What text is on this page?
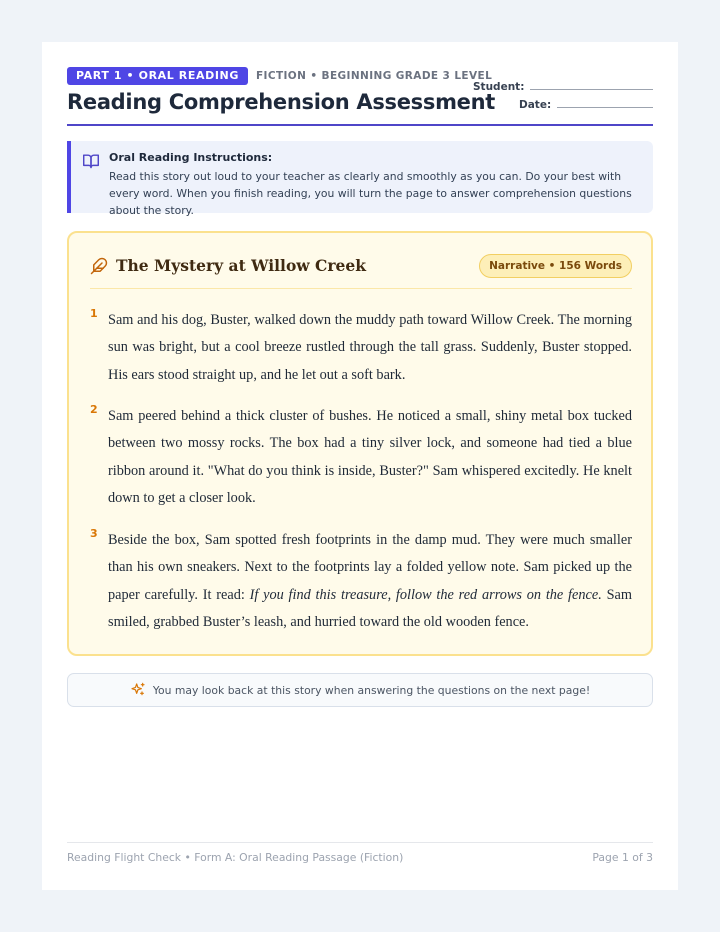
PART 1 • ORAL READING	FICTION • BEGINNING GRADE 3 LEVEL
Reading Comprehension Assessment
Student:
Date:
Oral Reading Instructions:
Read this story out loud to your teacher as clearly and smoothly as you can. Do your best with every word. When you finish reading, you will turn the page to answer comprehension questions about the story.
The Mystery at Willow Creek	Narrative • 156 Words
1 Sam and his dog, Buster, walked down the muddy path toward Willow Creek. The morning sun was bright, but a cool breeze rustled through the tall grass. Suddenly, Buster stopped. His ears stood straight up, and he let out a soft bark.

2 Sam peered behind a thick cluster of bushes. He noticed a small, shiny metal box tucked between two mossy rocks. The box had a tiny silver lock, and someone had tied a blue ribbon around it. "What do you think is inside, Buster?" Sam whispered excitedly. He knelt down to get a closer look.

3 Beside the box, Sam spotted fresh footprints in the damp mud. They were much smaller than his own sneakers. Next to the footprints lay a folded yellow note. Sam picked up the paper carefully. It read: If you find this treasure, follow the red arrows on the fence. Sam smiled, grabbed Buster’s leash, and hurried toward the old wooden fence.

You may look back at this story when answering the questions on the next page!
Reading Flight Check • Form A: Oral Reading Passage (Fiction)	Page 1 of 3
